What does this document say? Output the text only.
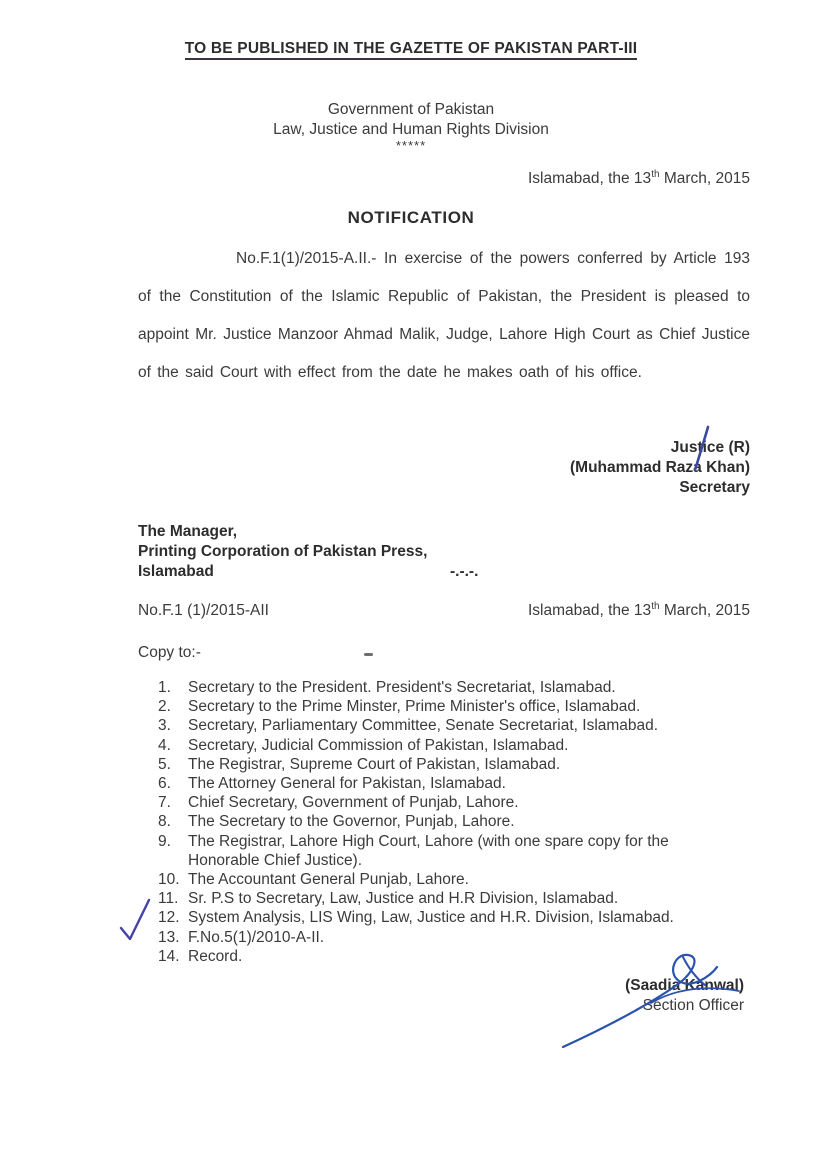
TO BE PUBLISHED IN THE GAZETTE OF PAKISTAN PART-III
Government of Pakistan
Law, Justice and Human Rights Division
*****
Islamabad, the 13th March, 2015
NOTIFICATION
No.F.1(1)/2015-A.II.- In exercise of the powers conferred by Article 193 of the Constitution of the Islamic Republic of Pakistan, the President is pleased to appoint Mr. Justice Manzoor Ahmad Malik, Judge, Lahore High Court as Chief Justice of the said Court with effect from the date he makes oath of his office.
Justice (R)
(Muhammad Raza Khan)
Secretary
The Manager,
Printing Corporation of Pakistan Press,
Islamabad	-.-.-.
No.F.1 (1)/2015-AII	Islamabad, the 13th March, 2015
Copy to:-
1.	Secretary to the President. President's Secretariat, Islamabad.
2.	Secretary to the Prime Minster, Prime Minister's office, Islamabad.
3.	Secretary, Parliamentary Committee, Senate Secretariat, Islamabad.
4.	Secretary, Judicial Commission of Pakistan, Islamabad.
5.	The Registrar, Supreme Court of Pakistan, Islamabad.
6.	The Attorney General for Pakistan, Islamabad.
7.	Chief Secretary, Government of Punjab, Lahore.
8.	The Secretary to the Governor, Punjab, Lahore.
9.	The Registrar, Lahore High Court, Lahore (with one spare copy for the Honorable Chief Justice).
10. The Accountant General Punjab, Lahore.
11. Sr. P.S to Secretary, Law, Justice and H.R Division, Islamabad.
12. System Analysis, LIS Wing, Law, Justice and H.R. Division, Islamabad.
13. F.No.5(1)/2010-A-II.
14. Record.
(Saadia Kanwal)
Section Officer
